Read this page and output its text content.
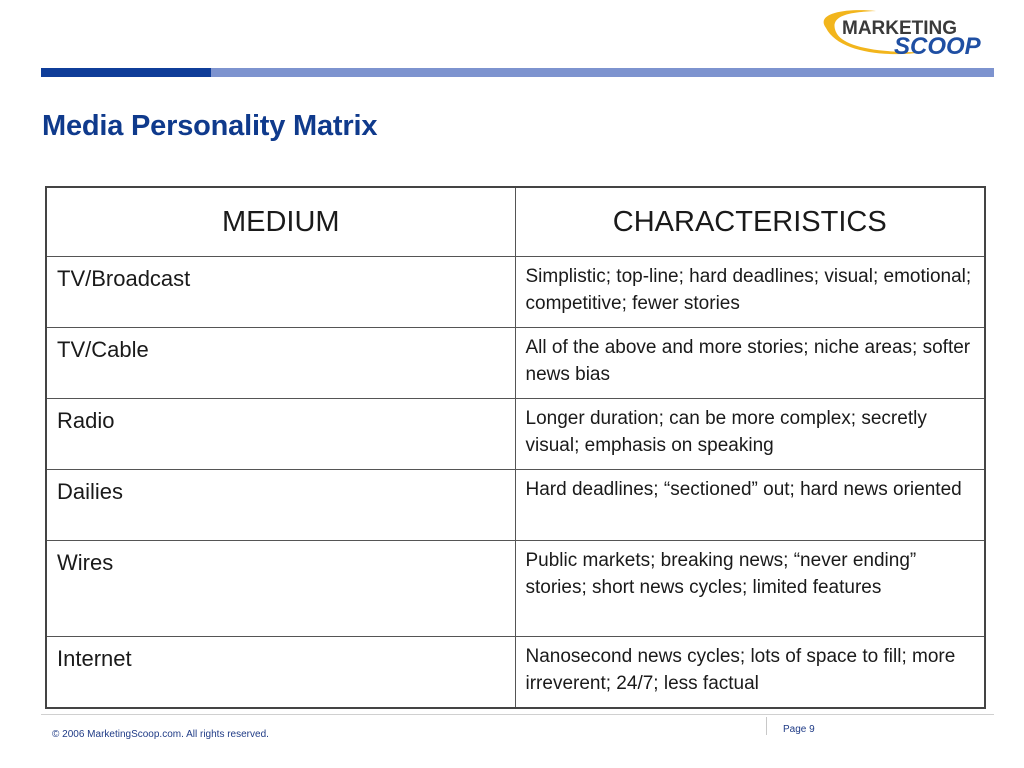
MARKETING
SCOOP
Media Personality Matrix
MEDIUM	CHARACTERISTICS
TV/Broadcast	Simplistic; top-line; hard deadlines; visual; emotional; competitive; fewer stories
TV/Cable	All of the above and more stories; niche areas; softer news bias
Radio	Longer duration; can be more complex; secretly visual; emphasis on speaking
Dailies	Hard deadlines; “sectioned” out; hard news oriented
Wires	Public markets; breaking news; “never ending” stories; short news cycles; limited features
Internet	Nanosecond news cycles; lots of space to fill; more irreverent; 24/7; less factual
© 2006 MarketingScoop.com. All rights reserved.	Page 9
